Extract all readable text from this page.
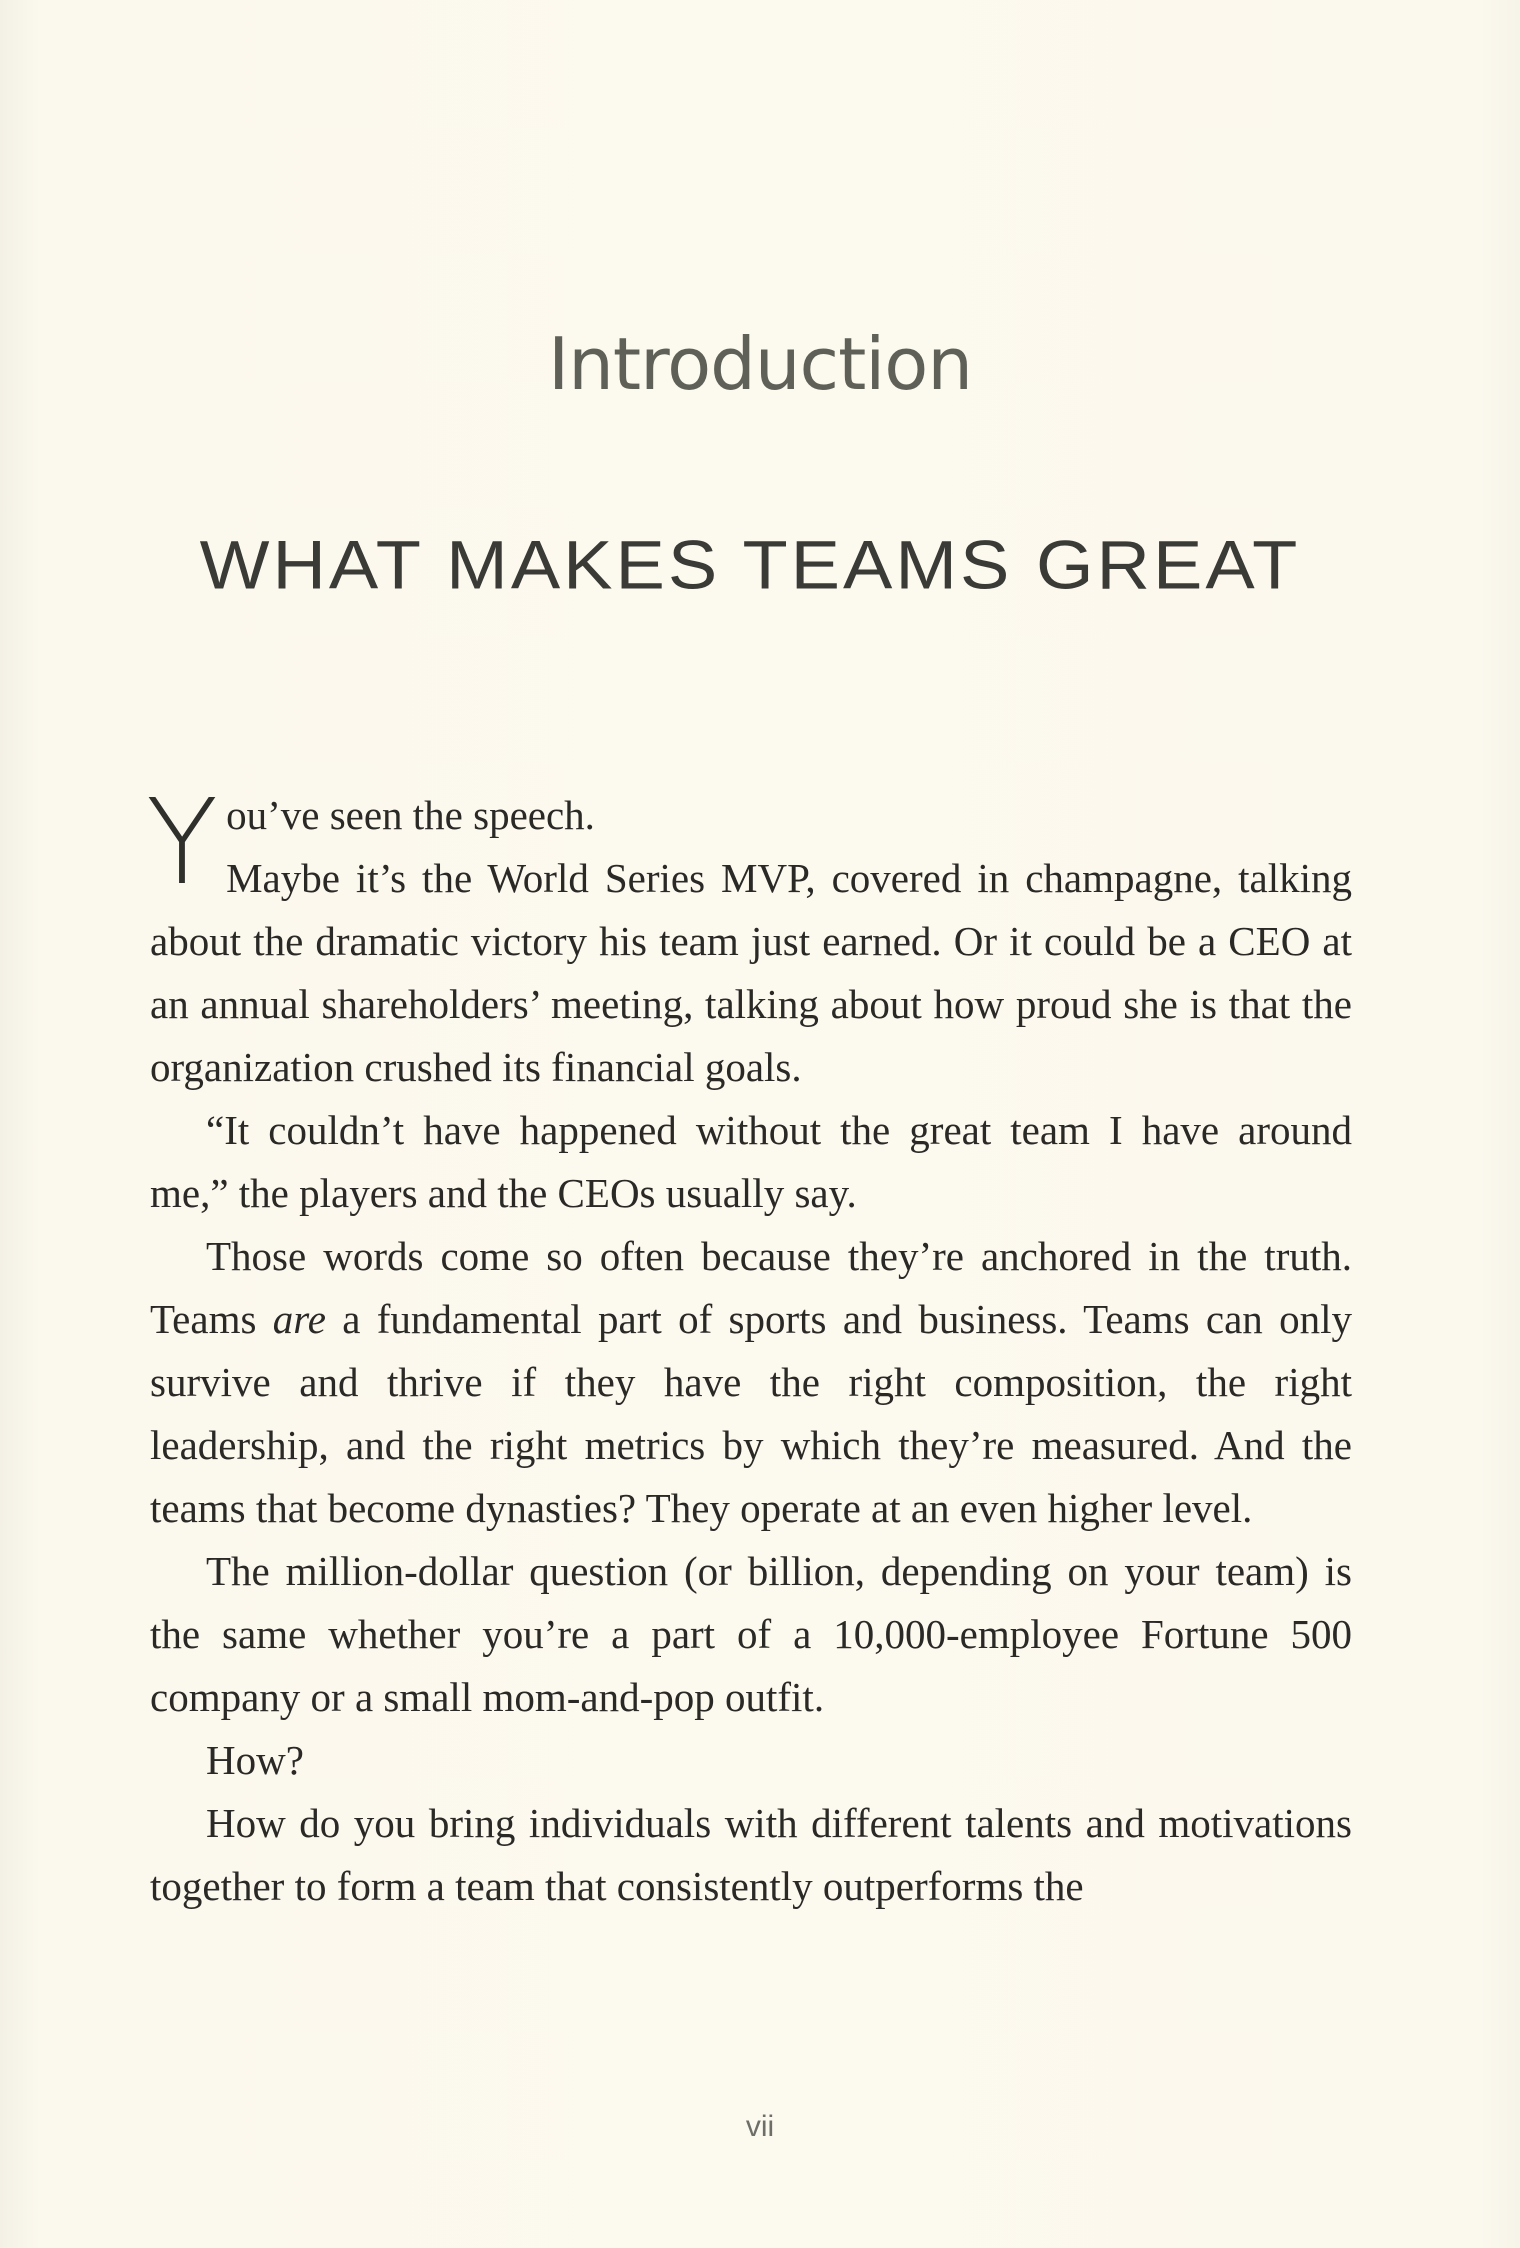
Introduction
WHAT MAKES TEAMS GREAT

You’ve seen the speech.
Maybe it’s the World Series MVP, covered in champagne, talking about the dramatic victory his team just earned. Or it could be a CEO at an annual shareholders’ meeting, talking about how proud she is that the organization crushed its financial goals.

“It couldn’t have happened without the great team I have around me,” the players and the CEOs usually say.

Those words come so often because they’re anchored in the truth. Teams are a fundamental part of sports and business. Teams can only survive and thrive if they have the right composition, the right leadership, and the right metrics by which they’re measured. And the teams that become dynasties? They operate at an even higher level.

The million-dollar question (or billion, depending on your team) is the same whether you’re a part of a 10,000-employee Fortune 500 company or a small mom-and-pop outfit.

How?

How do you bring individuals with different talents and motivations together to form a team that consistently outperforms the

vii
